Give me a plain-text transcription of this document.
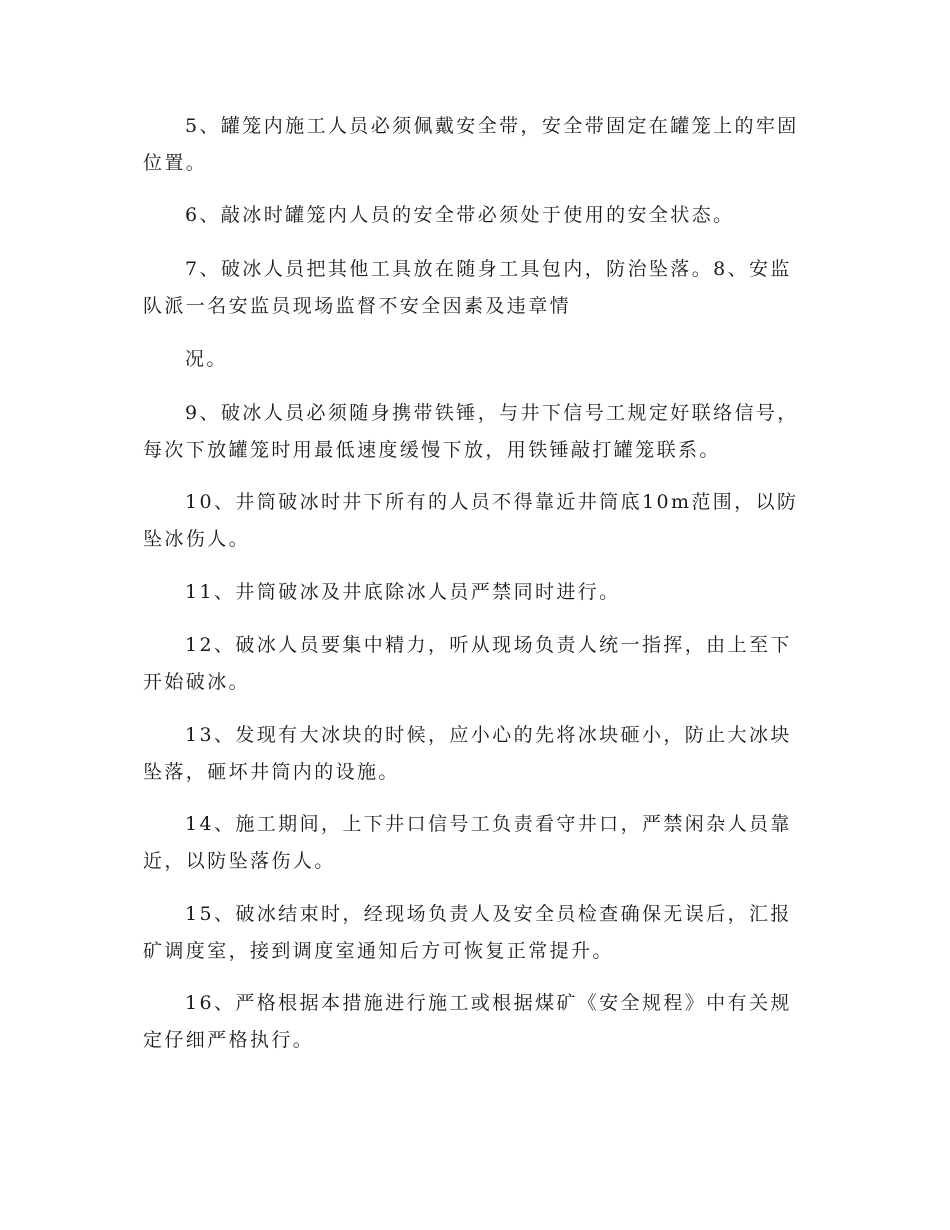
5、罐笼内施工人员必须佩戴安全带，安全带固定在罐笼上的牢固
位置。

6、敲冰时罐笼内人员的安全带必须处于使用的安全状态。

7、破冰人员把其他工具放在随身工具包内，防治坠落。8、安监
队派一名安监员现场监督不安全因素及违章情

况。

9、破冰人员必须随身携带铁锤，与井下信号工规定好联络信号，
每次下放罐笼时用最低速度缓慢下放，用铁锤敲打罐笼联系。

10、井筒破冰时井下所有的人员不得靠近井筒底10m范围，以防
坠冰伤人。

11、井筒破冰及井底除冰人员严禁同时进行。

12、破冰人员要集中精力，听从现场负责人统一指挥，由上至下
开始破冰。

13、发现有大冰块的时候，应小心的先将冰块砸小，防止大冰块
坠落，砸坏井筒内的设施。

14、施工期间，上下井口信号工负责看守井口，严禁闲杂人员靠
近，以防坠落伤人。

15、破冰结束时，经现场负责人及安全员检查确保无误后，汇报
矿调度室，接到调度室通知后方可恢复正常提升。

16、严格根据本措施进行施工或根据煤矿《安全规程》中有关规
定仔细严格执行。
